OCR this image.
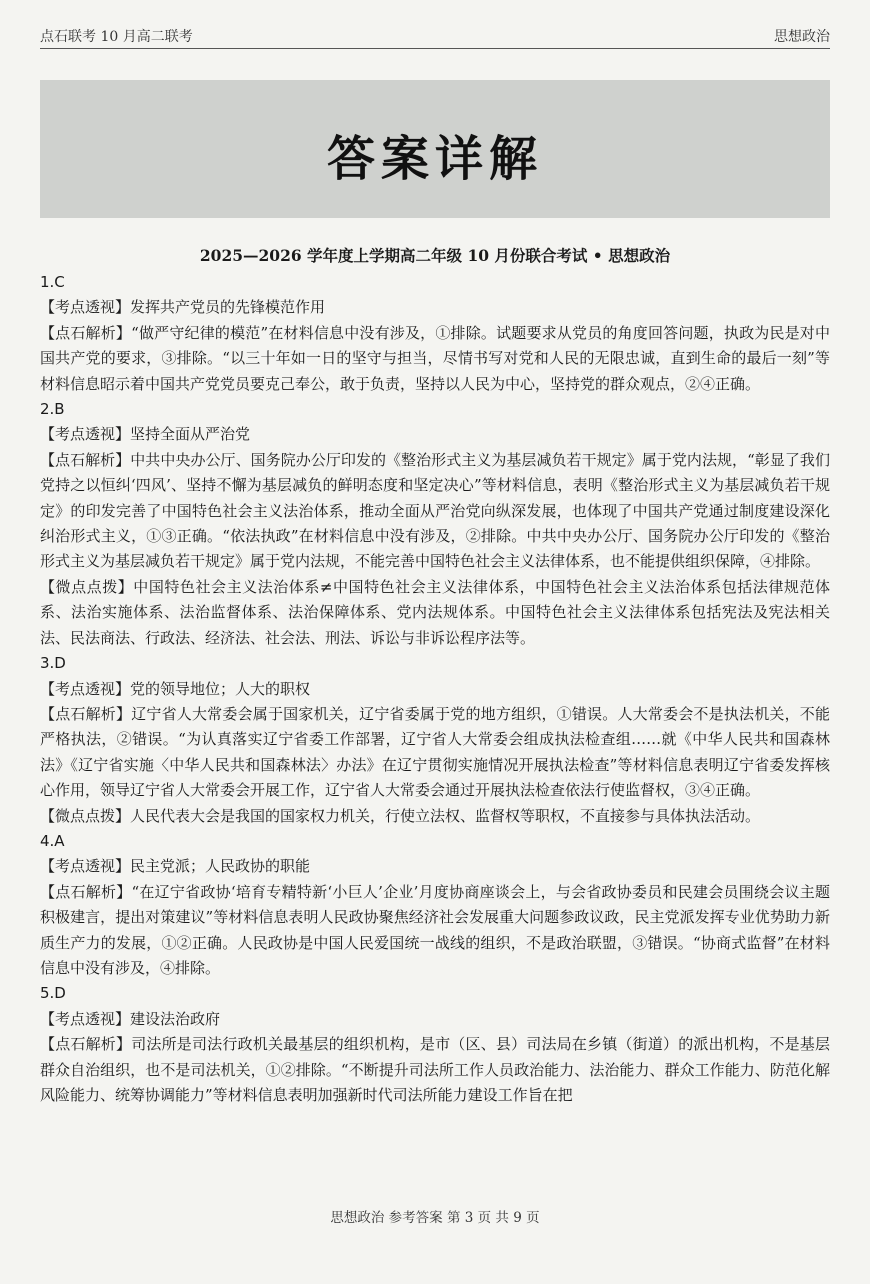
点石联考 10 月高二联考	思想政治
答案详解
2025—2026 学年度上学期高二年级 10 月份联合考试 • 思想政治
1.C
【考点透视】发挥共产党员的先锋模范作用
【点石解析】“做严守纪律的模范”在材料信息中没有涉及，①排除。试题要求从党员的角度回答问题，执政为民是对中国共产党的要求，③排除。“以三十年如一日的坚守与担当，尽情书写对党和人民的无限忠诚，直到生命的最后一刻”等材料信息昭示着中国共产党党员要克己奉公，敢于负责，坚持以人民为中心，坚持党的群众观点，②④正确。
2.B
【考点透视】坚持全面从严治党
【点石解析】中共中央办公厅、国务院办公厅印发的《整治形式主义为基层减负若干规定》属于党内法规，“彰显了我们党持之以恒纠‘四风’、坚持不懈为基层减负的鲜明态度和坚定决心”等材料信息，表明《整治形式主义为基层减负若干规定》的印发完善了中国特色社会主义法治体系，推动全面从严治党向纵深发展，也体现了中国共产党通过制度建设深化纠治形式主义，①③正确。“依法执政”在材料信息中没有涉及，②排除。中共中央办公厅、国务院办公厅印发的《整治形式主义为基层减负若干规定》属于党内法规，不能完善中国特色社会主义法律体系，也不能提供组织保障，④排除。
【微点点拨】中国特色社会主义法治体系≠中国特色社会主义法律体系，中国特色社会主义法治体系包括法律规范体系、法治实施体系、法治监督体系、法治保障体系、党内法规体系。中国特色社会主义法律体系包括宪法及宪法相关法、民法商法、行政法、经济法、社会法、刑法、诉讼与非诉讼程序法等。
3.D
【考点透视】党的领导地位；人大的职权
【点石解析】辽宁省人大常委会属于国家机关，辽宁省委属于党的地方组织，①错误。人大常委会不是执法机关，不能严格执法，②错误。“为认真落实辽宁省委工作部署，辽宁省人大常委会组成执法检查组……就《中华人民共和国森林法》《辽宁省实施〈中华人民共和国森林法〉办法》在辽宁贯彻实施情况开展执法检查”等材料信息表明辽宁省委发挥核心作用，领导辽宁省人大常委会开展工作，辽宁省人大常委会通过开展执法检查依法行使监督权，③④正确。
【微点点拨】人民代表大会是我国的国家权力机关，行使立法权、监督权等职权，不直接参与具体执法活动。
4.A
【考点透视】民主党派；人民政协的职能
【点石解析】“在辽宁省政协‘培育专精特新‘小巨人’企业’月度协商座谈会上，与会省政协委员和民建会员围绕会议主题积极建言，提出对策建议”等材料信息表明人民政协聚焦经济社会发展重大问题参政议政，民主党派发挥专业优势助力新质生产力的发展，①②正确。人民政协是中国人民爱国统一战线的组织，不是政治联盟，③错误。“协商式监督”在材料信息中没有涉及，④排除。
5.D
【考点透视】建设法治政府
【点石解析】司法所是司法行政机关最基层的组织机构，是市（区、县）司法局在乡镇（街道）的派出机构，不是基层群众自治组织，也不是司法机关，①②排除。“不断提升司法所工作人员政治能力、法治能力、群众工作能力、防范化解风险能力、统筹协调能力”等材料信息表明加强新时代司法所能力建设工作旨在把
思想政治 参考答案 第 3 页 共 9 页
